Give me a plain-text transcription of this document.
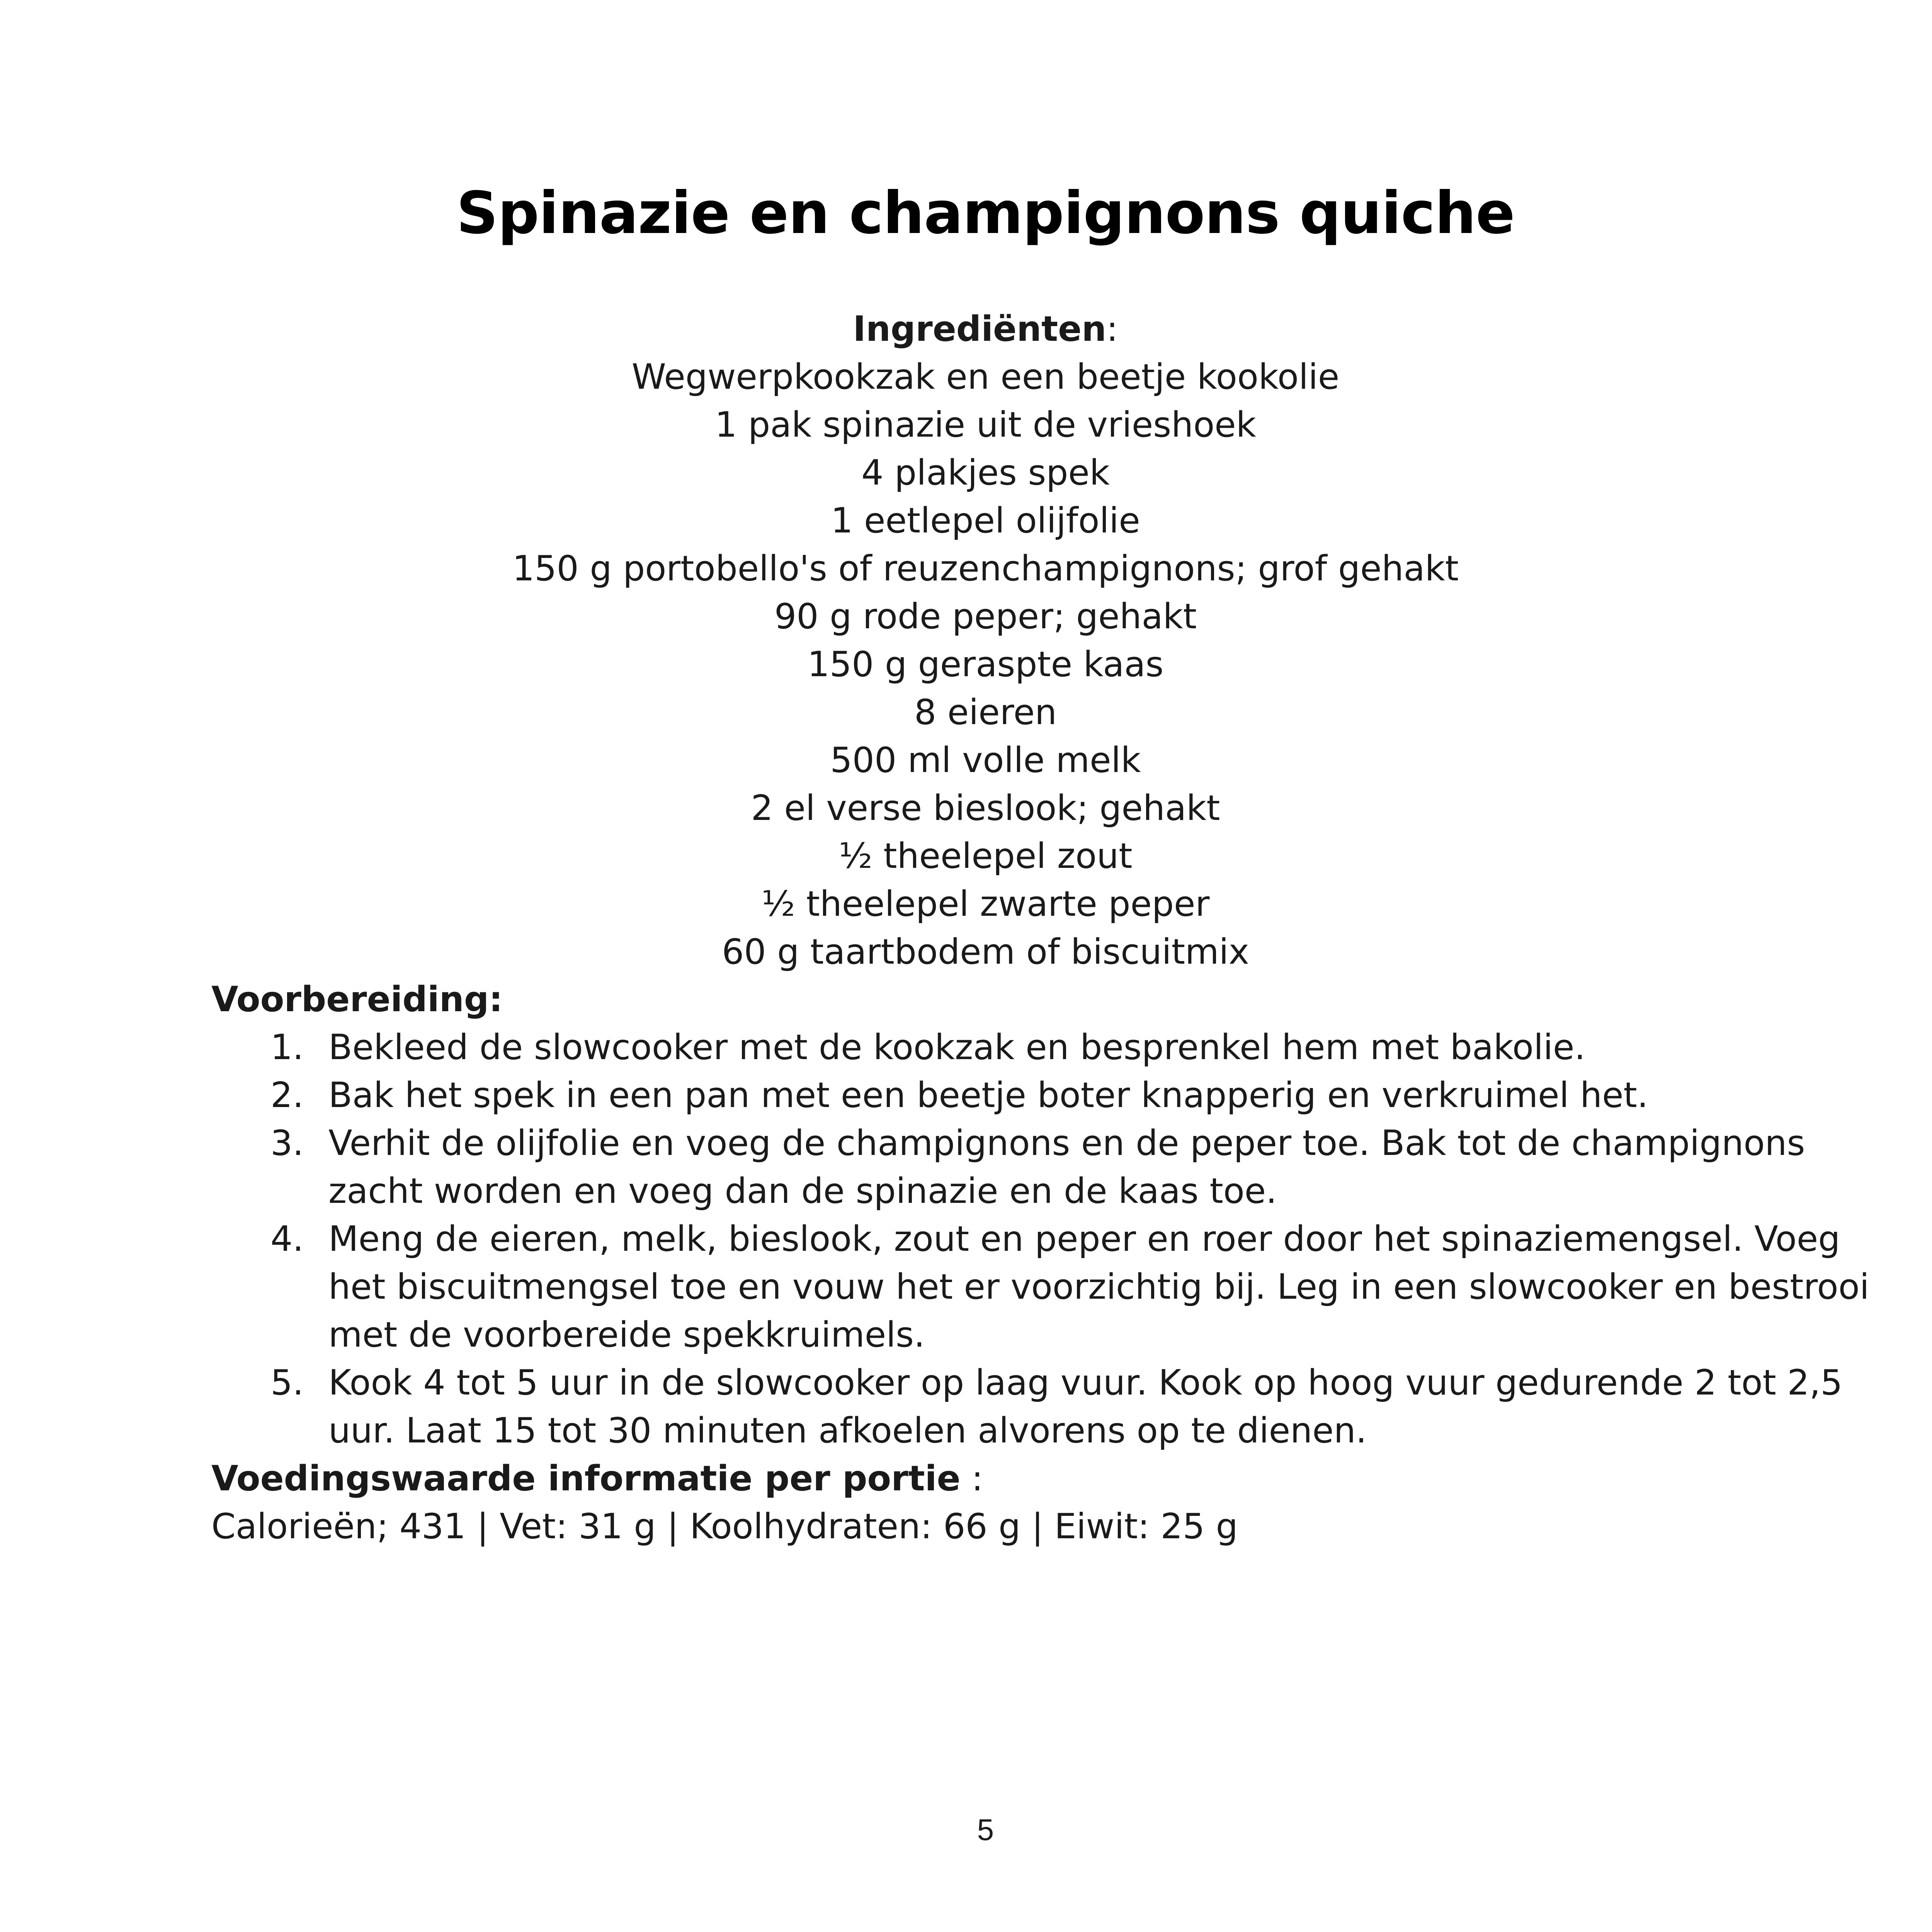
Spinazie en champignons quiche
Ingrediënten:
Wegwerpkookzak en een beetje kookolie
1 pak spinazie uit de vrieshoek
4 plakjes spek
1 eetlepel olijfolie
150 g portobello's of reuzenchampignons; grof gehakt
90 g rode peper; gehakt
150 g geraspte kaas
8 eieren
500 ml volle melk
2 el verse bieslook; gehakt
½ theelepel zout
½ theelepel zwarte peper
60 g taartbodem of biscuitmix

Voorbereiding:

1. Bekleed de slowcooker met de kookzak en besprenkel hem met bakolie.
2. Bak het spek in een pan met een beetje boter knapperig en verkruimel het.
3. Verhit de olijfolie en voeg de champignons en de peper toe. Bak tot de champignons zacht worden en voeg dan de spinazie en de kaas toe.
4. Meng de eieren, melk, bieslook, zout en peper en roer door het spinaziemengsel. Voeg het biscuitmengsel toe en vouw het er voorzichtig bij. Leg in een slowcooker en bestrooi met de voorbereide spekkruimels.
5. Kook 4 tot 5 uur in de slowcooker op laag vuur. Kook op hoog vuur gedurende 2 tot 2,5 uur. Laat 15 tot 30 minuten afkoelen alvorens op te dienen.

Voedingswaarde informatie per portie :

Calorieën; 431 | Vet: 31 g | Koolhydraten: 66 g | Eiwit: 25 g

5
